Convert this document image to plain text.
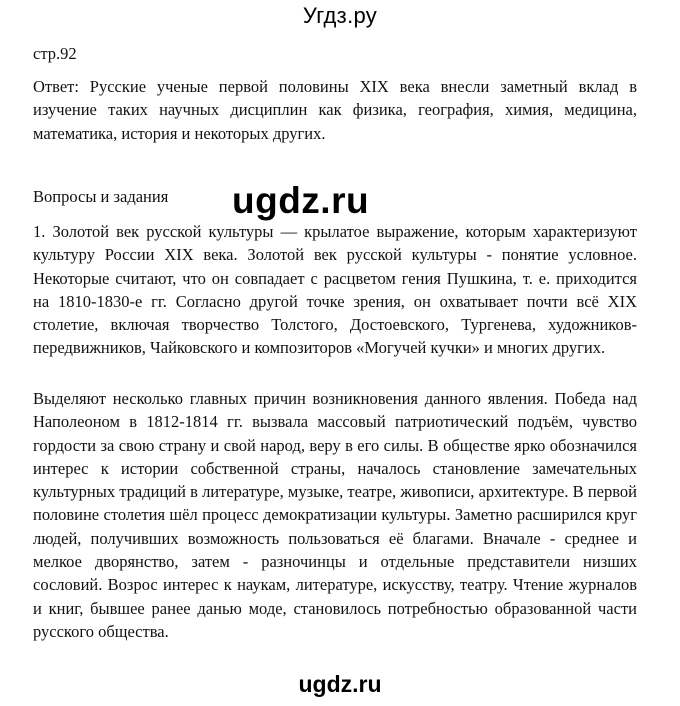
Угдз.ру
стр.92
Ответ: Русские ученые первой половины XIX века внесли заметный вклад в изучение таких научных дисциплин как физика, география, химия, медицина, математика, история и некоторых других.
Вопросы и задания ugdz.ru
1. Золотой век русской культуры — крылатое выражение, которым характеризуют культуру России XIX века. Золотой век русской культуры - понятие условное. Некоторые считают, что он совпадает с расцветом гения Пушкина, т. е. приходится на 1810-1830-е гг. Согласно другой точке зрения, он охватывает почти всё XIX столетие, включая творчество Толстого, Достоевского, Тургенева, художников-передвижников, Чайковского и композиторов «Могучей кучки» и многих других.
Выделяют несколько главных причин возникновения данного явления. Победа над Наполеоном в 1812-1814 гг. вызвала массовый патриотический подъём, чувство гордости за свою страну и свой народ, веру в его силы. В обществе ярко обозначился интерес к истории собственной страны, началось становление замечательных культурных традиций в литературе, музыке, театре, живописи, архитектуре. В первой половине столетия шёл процесс демократизации культуры. Заметно расширился круг людей, получивших возможность пользоваться её благами. Вначале - среднее и мелкое дворянство, затем - разночинцы и отдельные представители низших сословий. Возрос интерес к наукам, литературе, искусству, театру. Чтение журналов и книг, бывшее ранее данью моде, становилось потребностью образованной части русского общества.
ugdz.ru
